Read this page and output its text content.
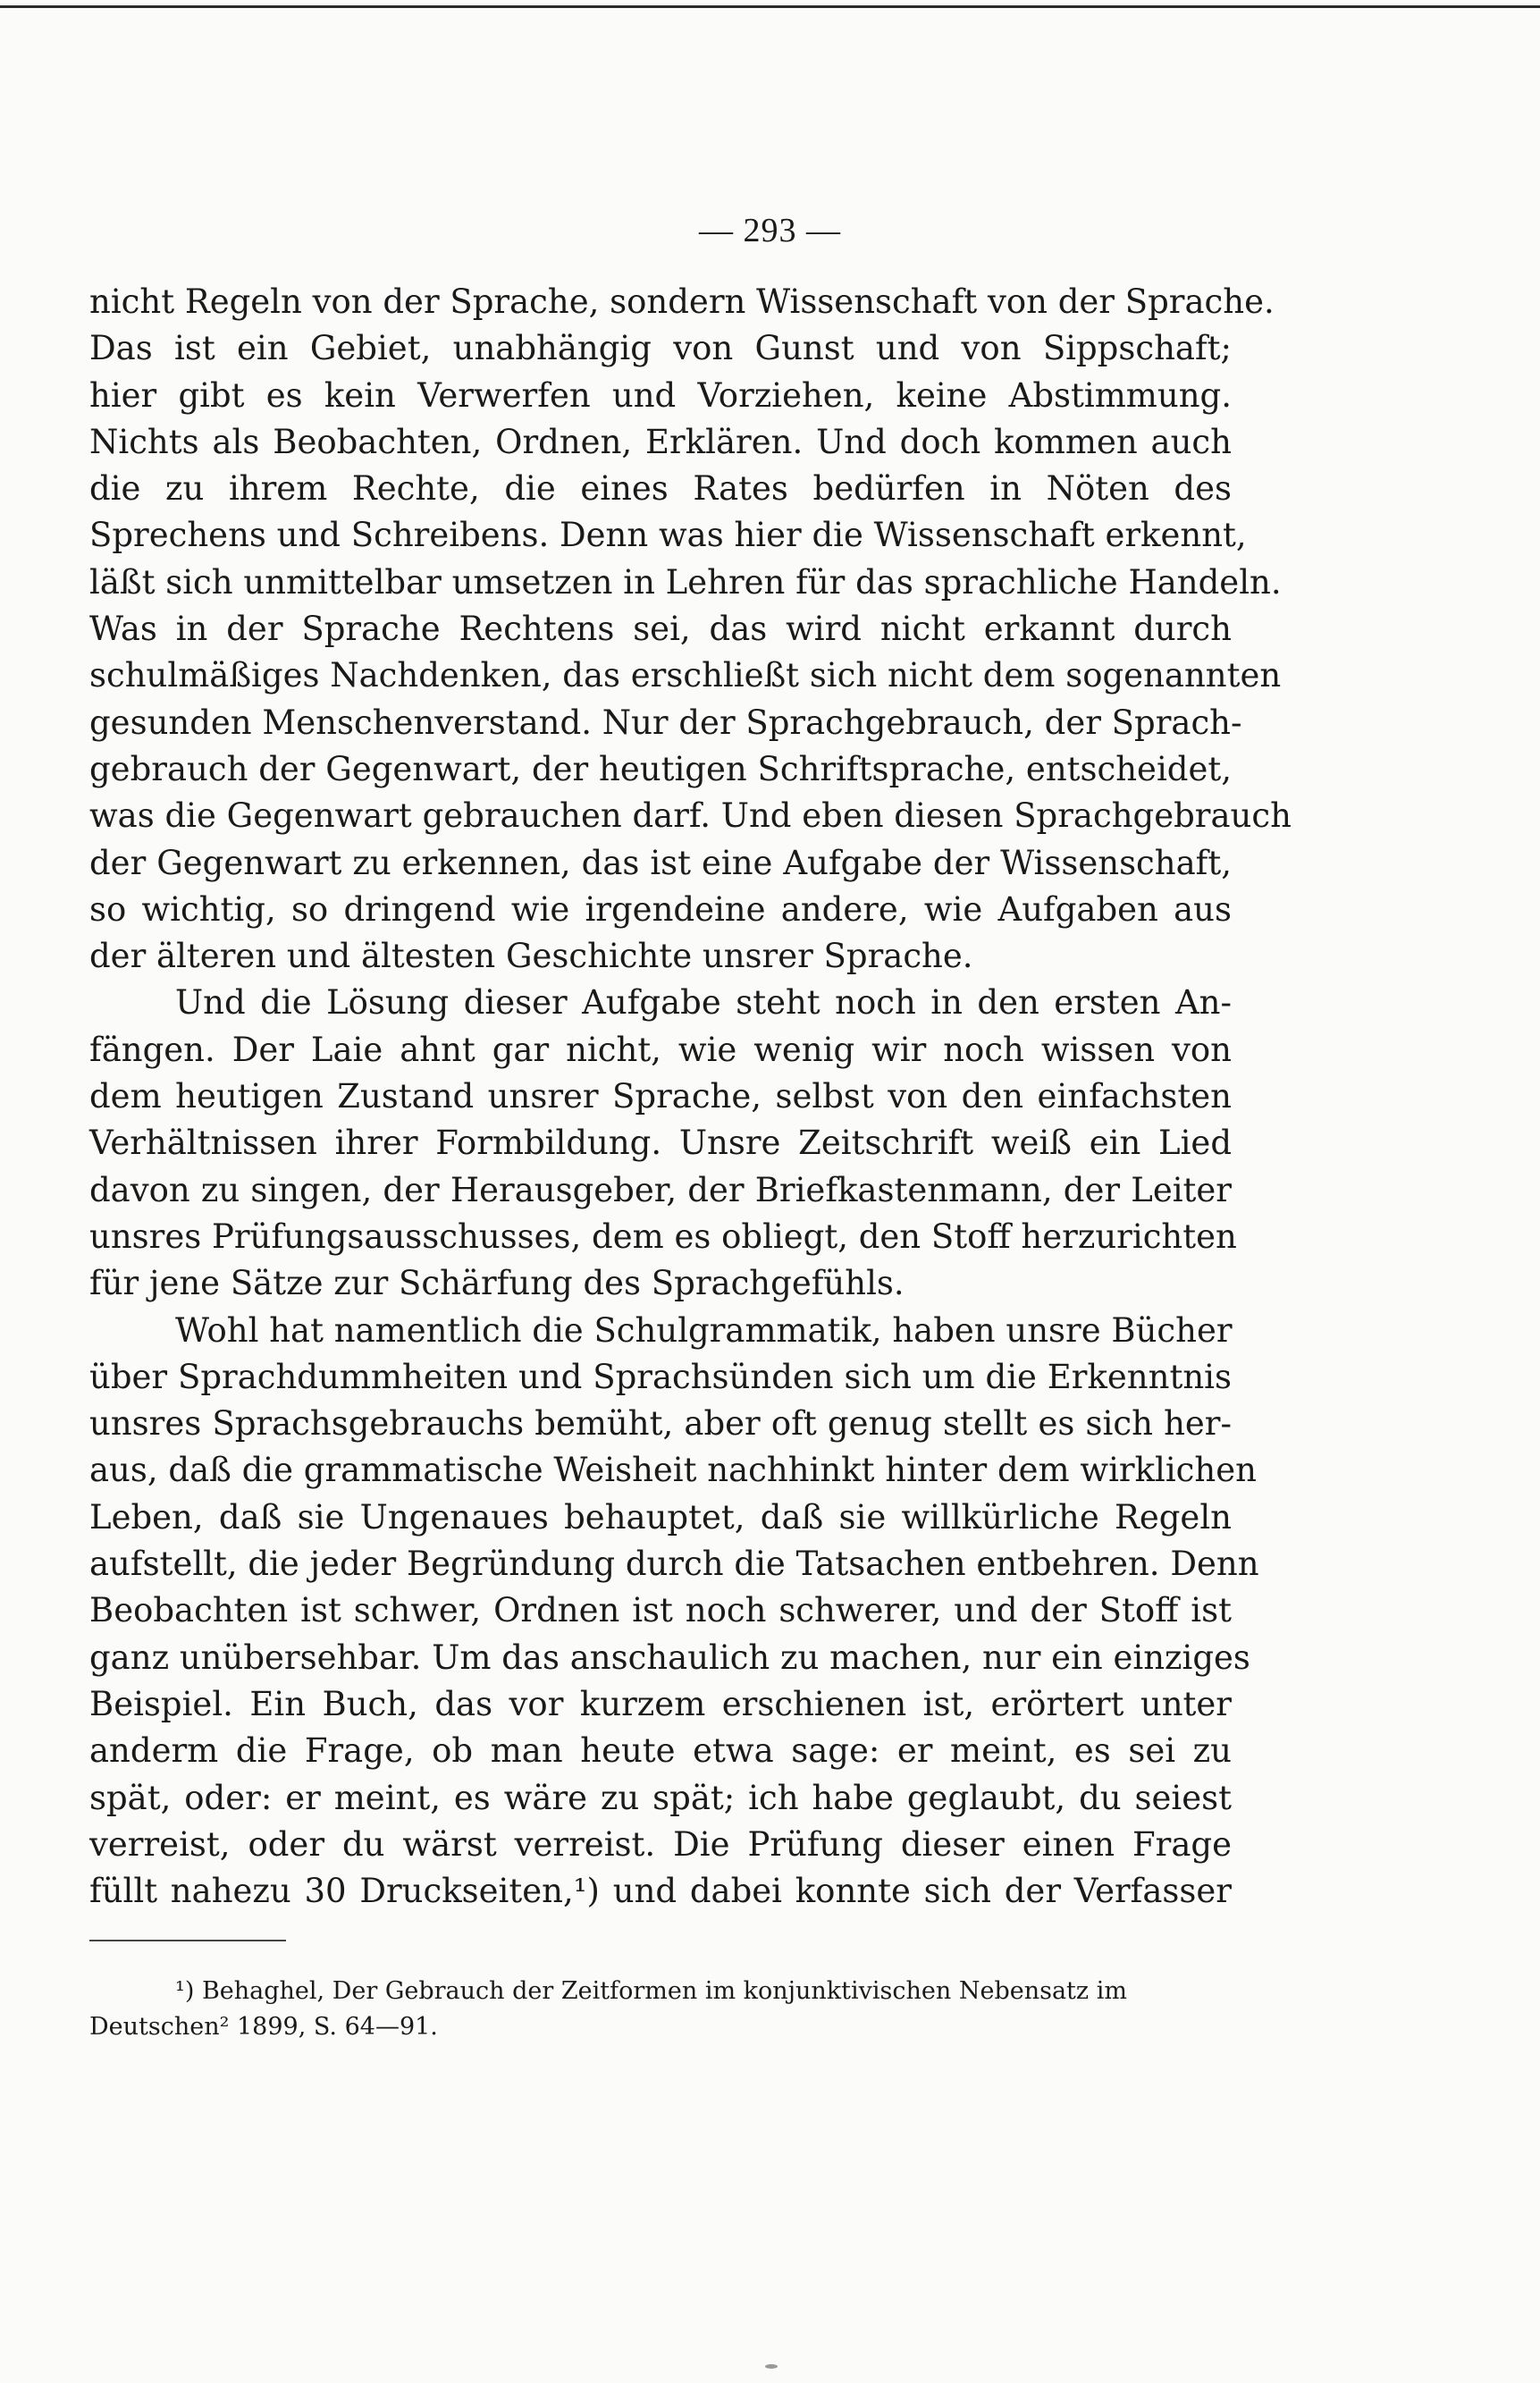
— 293 —
nicht Regeln von der Sprache, sondern Wissenschaft von der Sprache.
Das ist ein Gebiet, unabhängig von Gunst und von Sippschaft;
hier gibt es kein Verwerfen und Vorziehen, keine Abstimmung.
Nichts als Beobachten, Ordnen, Erklären. Und doch kommen auch
die zu ihrem Rechte, die eines Rates bedürfen in Nöten des
Sprechens und Schreibens. Denn was hier die Wissenschaft erkennt,
läßt sich unmittelbar umsetzen in Lehren für das sprachliche Handeln.
Was in der Sprache Rechtens sei, das wird nicht erkannt durch
schulmäßiges Nachdenken, das erschließt sich nicht dem sogenannten
gesunden Menschenverstand. Nur der Sprachgebrauch, der Sprach-
gebrauch der Gegenwart, der heutigen Schriftsprache, entscheidet,
was die Gegenwart gebrauchen darf. Und eben diesen Sprachgebrauch
der Gegenwart zu erkennen, das ist eine Aufgabe der Wissenschaft,
so wichtig, so dringend wie irgendeine andere, wie Aufgaben aus
der älteren und ältesten Geschichte unsrer Sprache.
Und die Lösung dieser Aufgabe steht noch in den ersten An-
fängen. Der Laie ahnt gar nicht, wie wenig wir noch wissen von
dem heutigen Zustand unsrer Sprache, selbst von den einfachsten
Verhältnissen ihrer Formbildung. Unsre Zeitschrift weiß ein Lied
davon zu singen, der Herausgeber, der Briefkastenmann, der Leiter
unsres Prüfungsausschusses, dem es obliegt, den Stoff herzurichten
für jene Sätze zur Schärfung des Sprachgefühls.
Wohl hat namentlich die Schulgrammatik, haben unsre Bücher
über Sprachdummheiten und Sprachsünden sich um die Erkenntnis
unsres Sprachsgebrauchs bemüht, aber oft genug stellt es sich her-
aus, daß die grammatische Weisheit nachhinkt hinter dem wirklichen
Leben, daß sie Ungenaues behauptet, daß sie willkürliche Regeln
aufstellt, die jeder Begründung durch die Tatsachen entbehren. Denn
Beobachten ist schwer, Ordnen ist noch schwerer, und der Stoff ist
ganz unübersehbar. Um das anschaulich zu machen, nur ein einziges
Beispiel. Ein Buch, das vor kurzem erschienen ist, erörtert unter
anderm die Frage, ob man heute etwa sage: er meint, es sei zu
spät, oder: er meint, es wäre zu spät; ich habe geglaubt, du seiest
verreist, oder du wärst verreist. Die Prüfung dieser einen Frage
füllt nahezu 30 Druckseiten,¹) und dabei konnte sich der Verfasser
¹) Behaghel, Der Gebrauch der Zeitformen im konjunktivischen Nebensatz im
Deutschen² 1899, S. 64—91.
